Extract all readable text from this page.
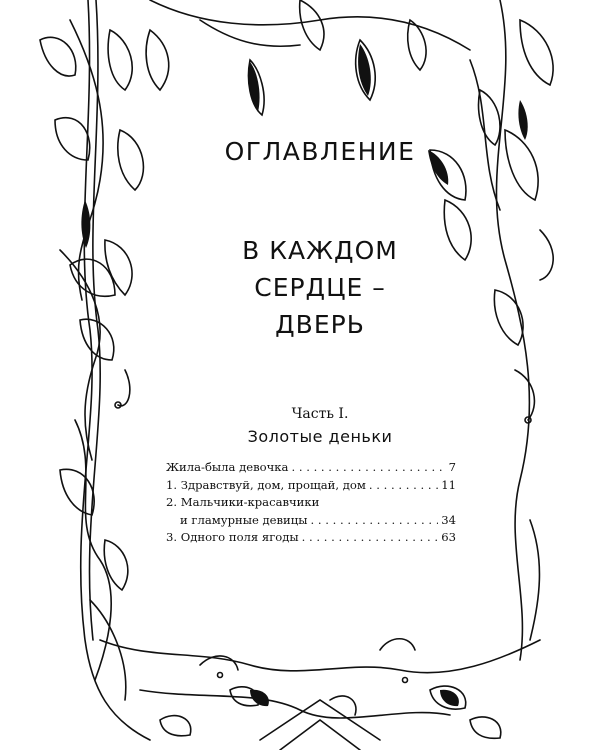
ОГЛАВЛЕНИЕ
В КАЖДОМ
СЕРДЦЕ –
ДВЕРЬ
Часть I.
Золотые деньки
Жила-была девочка . . .	7
1. Здравствуй, дом, прощай, дом . . .	11
2. Мальчики-красавчики
и гламурные девицы . . .	34
3. Одного поля ягоды . . .	63
